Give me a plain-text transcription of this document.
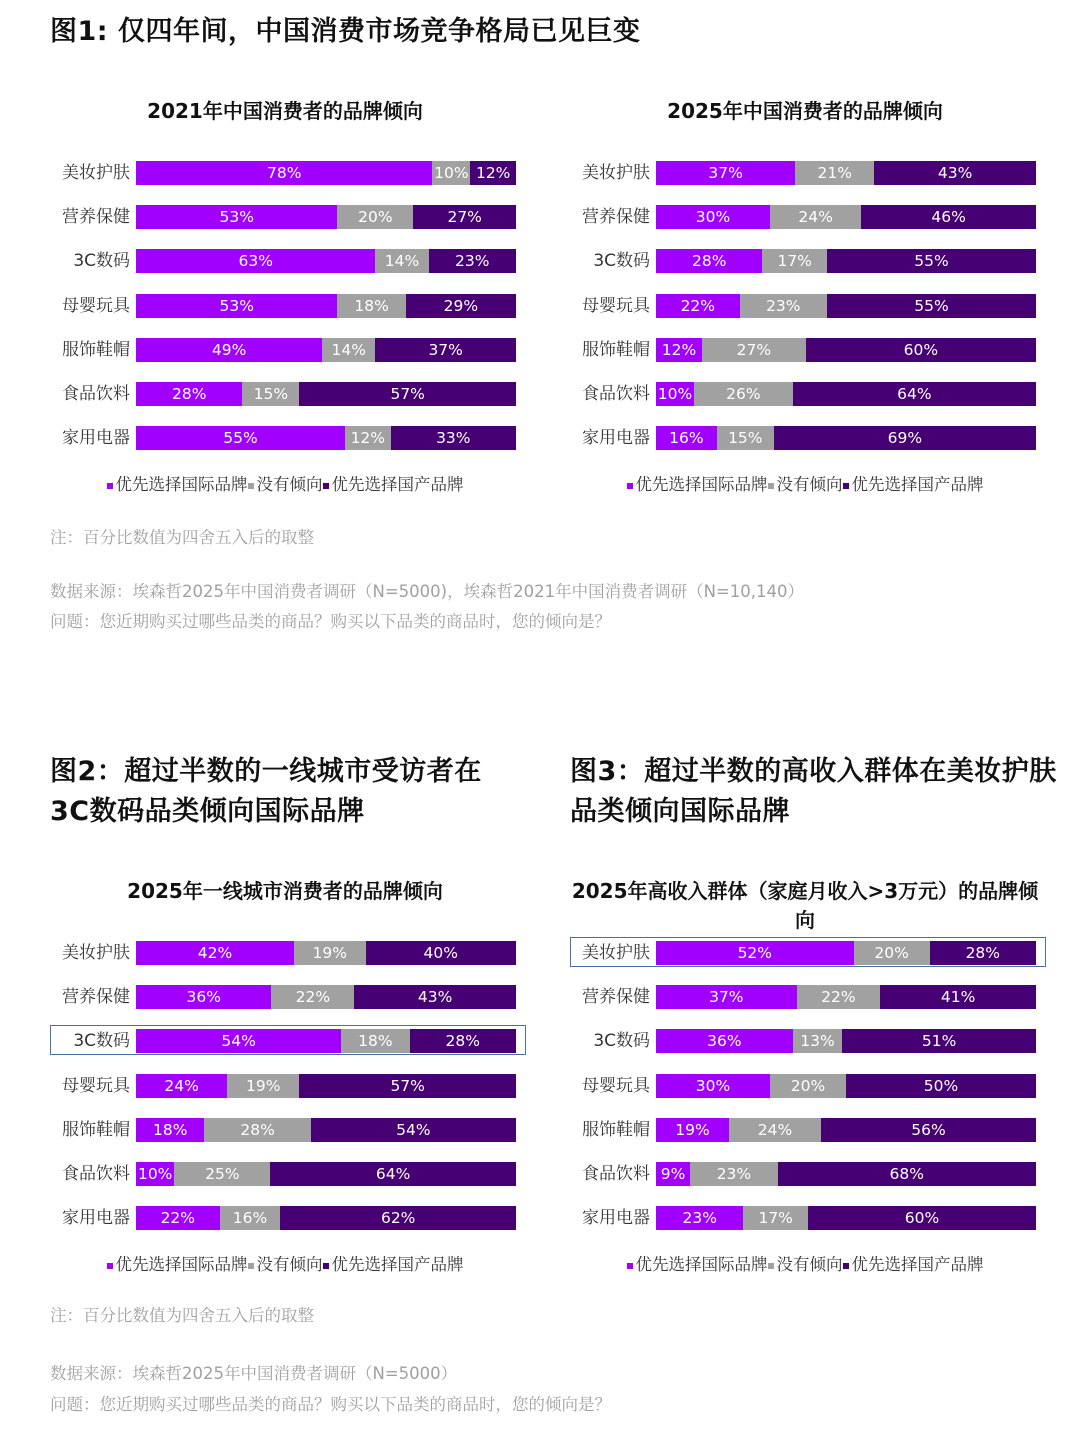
图1: 仅四年间，中国消费市场竞争格局已见巨变
2021年中国消费者的品牌倾向
美妆护肤	78%	10% 12%
营养保健	53%	20%	27%
3C数码	63%	14%	23%
母婴玩具	53%	18%	29%
服饰鞋帽	49%	14%	37%
食品饮料	28%	15%	57%
家用电器	55%	12%	33%
优先选择国际品牌 没有倾向 优先选择国产品牌
2025年中国消费者的品牌倾向
美妆护肤	37%	21%	43%
营养保健	30%	24%	46%
3C数码	28%	17%	55%
母婴玩具	22%	23%	55%
服饰鞋帽 12%	27%	60%
食品饮料 10%	26%	64%
家用电器	16%	15%	69%
优先选择国际品牌 没有倾向 优先选择国产品牌
注：百分比数值为四舍五入后的取整
数据来源：埃森哲2025年中国消费者调研（N=5000)，埃森哲2021年中国消费者调研（N=10,140）
问题：您近期购买过哪些品类的商品？购买以下品类的商品时，您的倾向是？
图2：超过半数的一线城市受访者在
3C数码品类倾向国际品牌
图3：超过半数的高收入群体在美妆护肤
品类倾向国际品牌
2025年一线城市消费者的品牌倾向
美妆护肤	42%	19%	40%
营养保健	36%	22%	43%
3C数码	54%	18%	28%
母婴玩具	24%	19%	57%
服饰鞋帽	18%	28%	54%
食品饮料 10%	25%	64%
家用电器	22%	16%	62%
优先选择国际品牌 没有倾向 优先选择国产品牌
2025年高收入群体（家庭月收入>3万元）的品牌倾向
美妆护肤	52%	20%	28%
营养保健	37%	22%	41%
3C数码	36%	13%	51%
母婴玩具	30%	20%	50%
服饰鞋帽	19%	24%	56%
食品饮料 9%	23%	68%
家用电器	23%	17%	60%
优先选择国际品牌 没有倾向 优先选择国产品牌
注：百分比数值为四舍五入后的取整
数据来源：埃森哲2025年中国消费者调研（N=5000）
问题：您近期购买过哪些品类的商品？购买以下品类的商品时，您的倾向是？
